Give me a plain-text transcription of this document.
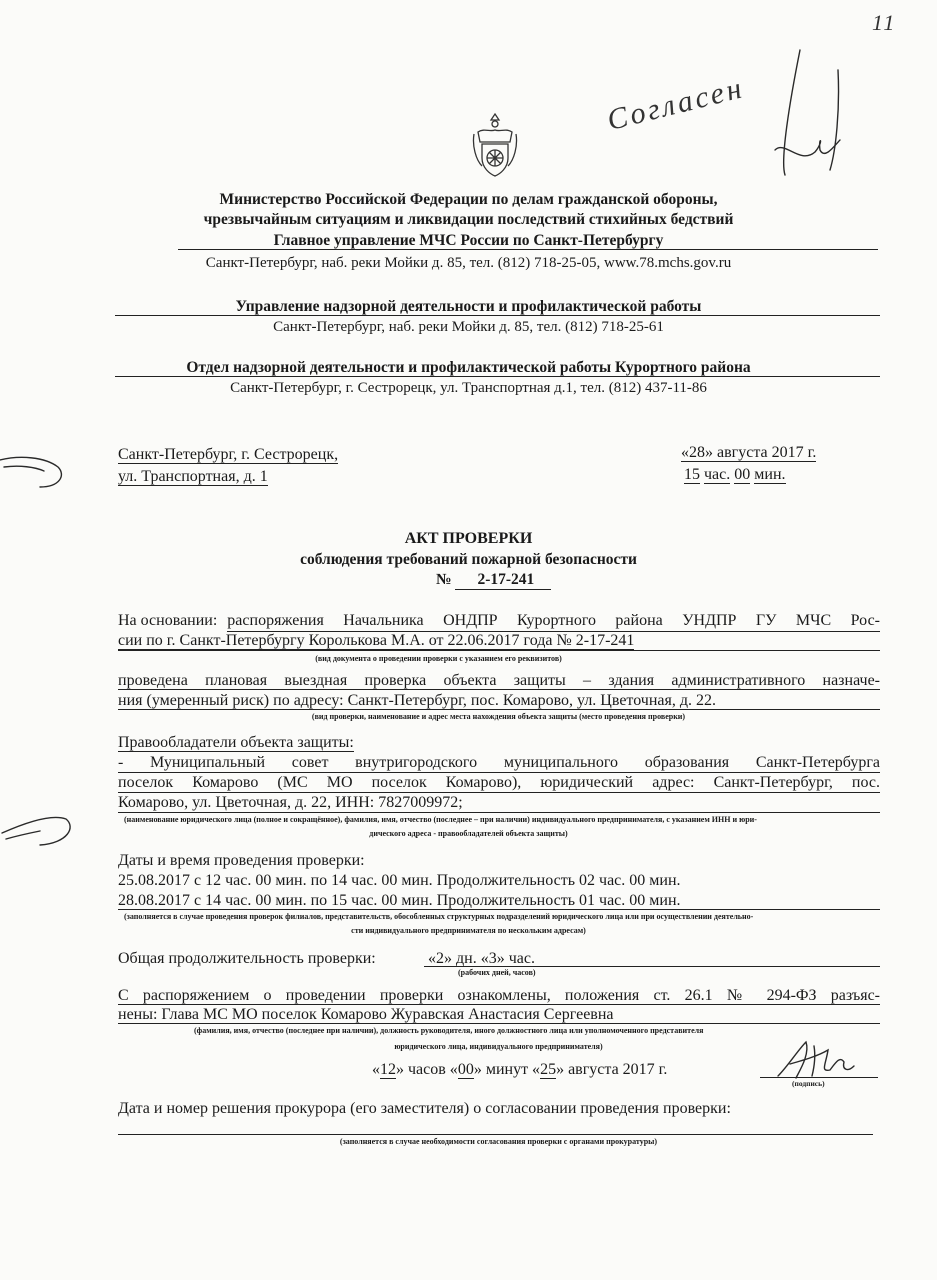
11
Согласен
Министерство Российской Федерации по делам гражданской обороны,
чрезвычайным ситуациям и ликвидации последствий стихийных бедствий
Главное управление МЧС России по Санкт-Петербургу
Санкт-Петербург, наб. реки Мойки д. 85, тел. (812) 718-25-05, www.78.mchs.gov.ru
Управление надзорной деятельности и профилактической работы
Санкт-Петербург, наб. реки Мойки д. 85, тел. (812) 718-25-61
Отдел надзорной деятельности и профилактической работы Курортного района
Санкт-Петербург, г. Сестрорецк, ул. Транспортная д.1, тел. (812) 437-11-86
Санкт-Петербург, г. Сестрорецк,
ул. Транспортная, д. 1
«28» августа 2017 г.
15 час. 00 мин.
АКТ ПРОВЕРКИ
соблюдения требований пожарной безопасности
№ 2-17-241
На основании: распоряжения Начальника ОНДПР Курортного района УНДПР ГУ МЧС Рос-
сии по г. Санкт-Петербургу Королькова М.А. от 22.06.2017 года № 2-17-241
(вид документа о проведении проверки с указанием его реквизитов)
проведена плановая выездная проверка объекта защиты – здания административного назначе-
ния (умеренный риск) по адресу: Санкт-Петербург, пос. Комарово, ул. Цветочная, д. 22.
(вид проверки, наименование и адрес места нахождения объекта защиты (место проведения проверки)
Правообладатели объекта защиты:
- Муниципальный совет внутригородского муниципального образования Санкт-Петербурга
поселок Комарово (МС МО поселок Комарово), юридический адрес: Санкт-Петербург, пос.
Комарово, ул. Цветочная, д. 22, ИНН: 7827009972;
(наименование юридического лица (полное и сокращённое), фамилия, имя, отчество (последнее – при наличии) индивидуального предпринимателя, с указанием ИНН и юри-
дического адреса - правообладателей объекта защиты)
Даты и время проведения проверки:
25.08.2017 с 12 час. 00 мин. по 14 час. 00 мин. Продолжительность 02 час. 00 мин.
28.08.2017 с 14 час. 00 мин. по 15 час. 00 мин. Продолжительность 01 час. 00 мин.
(заполняется в случае проведения проверок филиалов, представительств, обособленных структурных подразделений юридического лица или при осуществлении деятельно-
сти индивидуального предпринимателя по нескольким адресам)
Общая продолжительность проверки:	«2» дн. «3» час.
(рабочих дней, часов)
С распоряжением о проведении проверки ознакомлены, положения ст. 26.1 № 294-ФЗ разъяс-
нены: Глава МС МО поселок Комарово Журавская Анастасия Сергеевна
(фамилия, имя, отчество (последнее при наличии), должность руководителя, иного должностного лица или уполномоченного представителя
юридического лица, индивидуального предпринимателя)
«12» часов «00» минут «25» августа 2017 г.
(подпись)
Дата и номер решения прокурора (его заместителя) о согласовании проведения проверки:
(заполняется в случае необходимости согласования проверки с органами прокуратуры)
